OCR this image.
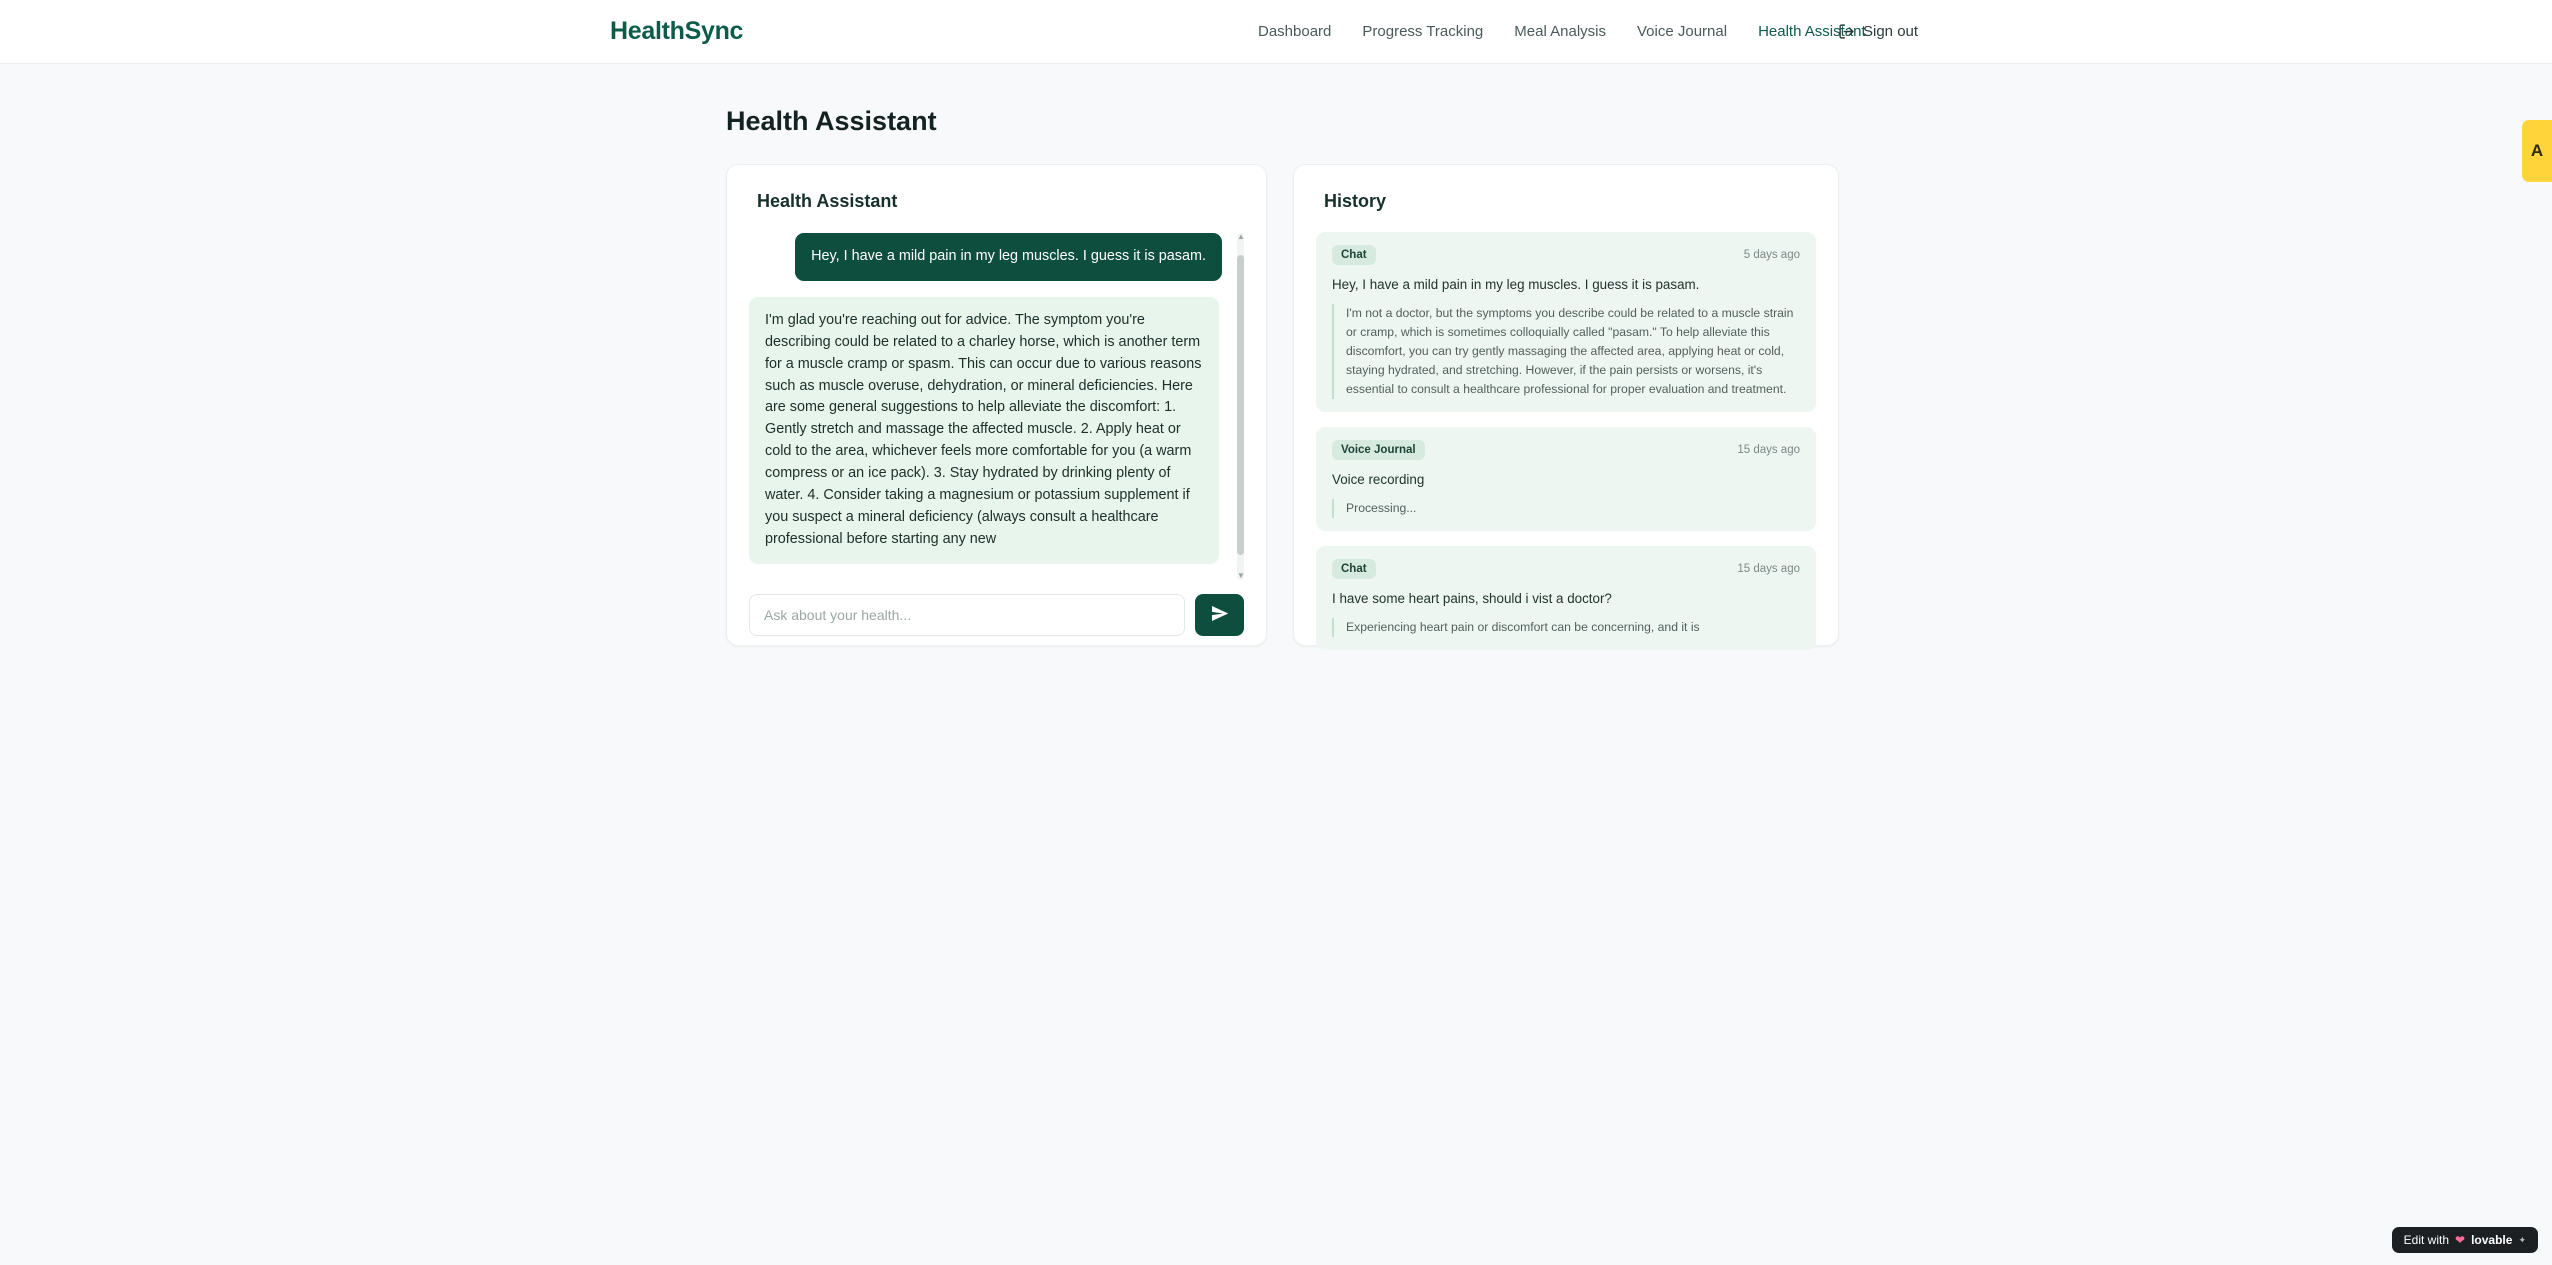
HealthSync	Dashboard Progress Tracking Meal Analysis Voice Journal Health Assistant
Sign out
Health Assistant
Health Assistant
Hey, I have a mild pain in my leg muscles. I guess it is pasam.
I'm glad you're reaching out for advice. The symptom you're describing could be related to a charley horse, which is another term for a muscle cramp or spasm. This can occur due to various reasons such as muscle overuse, dehydration, or mineral deficiencies. Here are some general suggestions to help alleviate the discomfort: 1. Gently stretch and massage the affected muscle. 2. Apply heat or cold to the area, whichever feels more comfortable for you (a warm compress or an ice pack). 3. Stay hydrated by drinking plenty of water. 4. Consider taking a magnesium or potassium supplement if you suspect a mineral deficiency (always consult a healthcare professional before starting any new
▲
▼
Ask about your health...
History
Chat	5 days ago
Hey, I have a mild pain in my leg muscles. I guess it is pasam.
I'm not a doctor, but the symptoms you describe could be related to a muscle strain or cramp, which is sometimes colloquially called "pasam." To help alleviate this discomfort, you can try gently massaging the affected area, applying heat or cold, staying hydrated, and stretching. However, if the pain persists or worsens, it's essential to consult a healthcare professional for proper evaluation and treatment.
Voice Journal	15 days ago
Voice recording
Processing...
Chat	15 days ago
I have some heart pains, should i vist a doctor?
Experiencing heart pain or discomfort can be concerning, and it is
A
Edit with ❤ lovable ✦
